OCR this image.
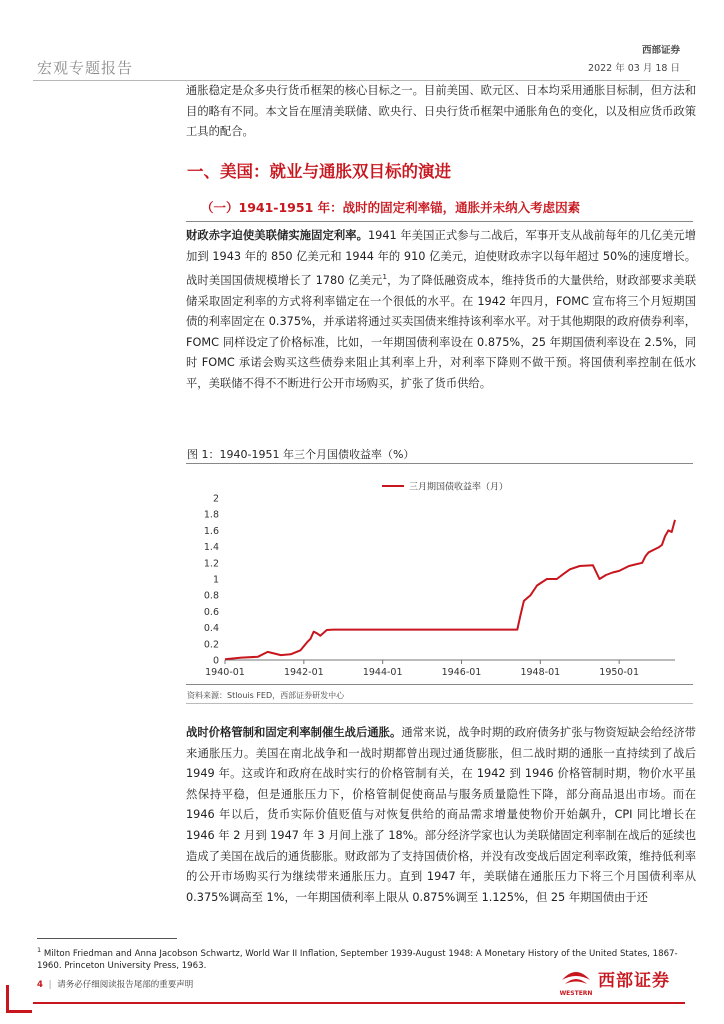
宏观专题报告
西部证券
2022 年 03 月 18 日

通胀稳定是众多央行货币框架的核心目标之一。目前美国、欧元区、日本均采用通胀目标制，但方法和目的略有不同。本文旨在厘清美联储、欧央行、日央行货币框架中通胀角色的变化，以及相应货币政策工具的配合。

一、美国：就业与通胀双目标的演进
（一）1941-1951 年：战时的固定利率锚，通胀并未纳入考虑因素

财政赤字迫使美联储实施固定利率。1941 年美国正式参与二战后，军事开支从战前每年的几亿美元增加到 1943 年的 850 亿美元和 1944 年的 910 亿美元，迫使财政赤字以每年超过 50%的速度增长。战时美国国债规模增长了 1780 亿美元$^1$，为了降低融资成本，维持货币的大量供给，财政部要求美联储采取固定利率的方式将利率锚定在一个很低的水平。在 1942 年四月，FOMC 宣布将三个月短期国债的利率固定在 0.375%，并承诺将通过买卖国债来维持该利率水平。对于其他期限的政府债券利率，FOMC 同样设定了价格标准，比如，一年期国债利率设在 0.875%，25 年期国债利率设在 2.5%，同时 FOMC 承诺会购买这些债券来阻止其利率上升，对利率下降则不做干预。将国债利率控制在低水平，美联储不得不不断进行公开市场购买，扩张了货币供给。

图 1：1940-1951 年三个月国债收益率（%）
0
0.2
0.4
0.6
0.8
1
1.2
1.4
1.6
1.8
2
1940-01	1942-01	1944-01	1946-01	1948-01	1950-01
三月期国债收益率（月）
资料来源：Stlouis FED，西部证券研发中心

战时价格管制和固定利率制催生战后通胀。通常来说，战争时期的政府债务扩张与物资短缺会给经济带来通胀压力。美国在南北战争和一战时期都曾出现过通货膨胀，但二战时期的通胀一直持续到了战后 1949 年。这或许和政府在战时实行的价格管制有关，在 1942 到 1946 价格管制时期，物价水平虽然保持平稳，但是通胀压力下，价格管制促使商品与服务质量隐性下降，部分商品退出市场。而在 1946 年以后，货币实际价值贬值与对恢复供给的商品需求增量使物价开始飙升，CPI 同比增长在 1946 年 2 月到 1947 年 3 月间上涨了 18%。部分经济学家也认为美联储固定利率制在战后的延续也造成了美国在战后的通货膨胀。财政部为了支持国债价格，并没有改变战后固定利率政策，维持低利率的公开市场购买行为继续带来通胀压力。直到 1947 年，美联储在通胀压力下将三个月国债利率从 0.375%调高至 1%，一年期国债利率上限从 0.875%调至 1.125%，但 25 年期国债由于还

$^1$ Milton Friedman and Anna Jacobson Schwartz, World War II Inflation, September 1939-August 1948: A Monetary History of the United States, 1867-1960. Princeton University Press, 1963.
4 | 请务必仔细阅读报告尾部的重要声明
WESTERN
西部证券
